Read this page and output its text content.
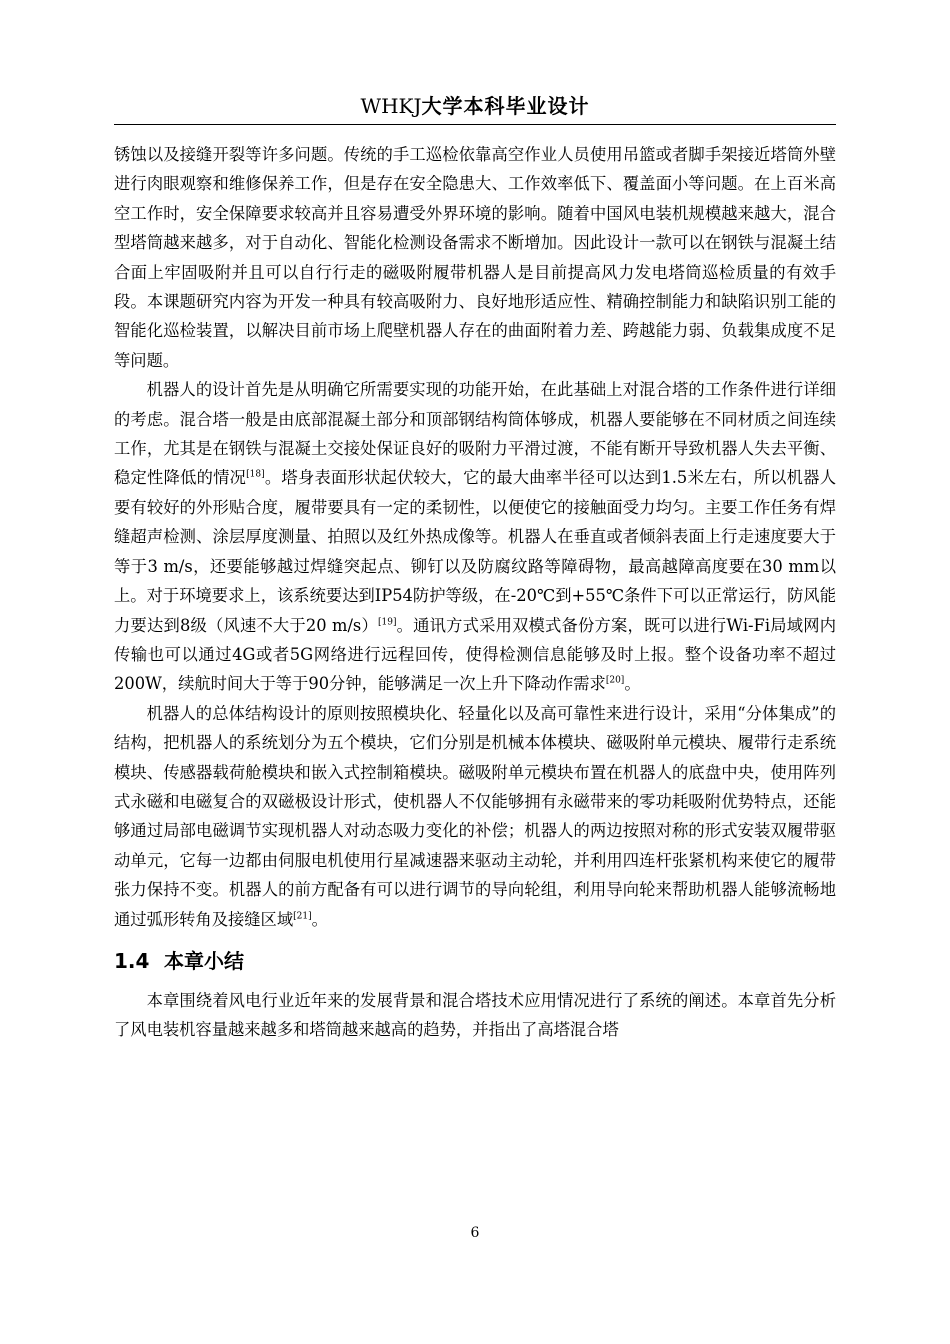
WHKJ大学本科毕业设计

锈蚀以及接缝开裂等许多问题。传统的手工巡检依靠高空作业人员使用吊篮或者脚手架接近塔筒外壁进行肉眼观察和维修保养工作，但是存在安全隐患大、工作效率低下、覆盖面小等问题。在上百米高空工作时，安全保障要求较高并且容易遭受外界环境的影响。随着中国风电装机规模越来越大，混合型塔筒越来越多，对于自动化、智能化检测设备需求不断增加。因此设计一款可以在钢铁与混凝土结合面上牢固吸附并且可以自行行走的磁吸附履带机器人是目前提高风力发电塔筒巡检质量的有效手段。本课题研究内容为开发一种具有较高吸附力、良好地形适应性、精确控制能力和缺陷识别工能的智能化巡检装置，以解决目前市场上爬壁机器人存在的曲面附着力差、跨越能力弱、负载集成度不足等问题。

机器人的设计首先是从明确它所需要实现的功能开始，在此基础上对混合塔的工作条件进行详细的考虑。混合塔一般是由底部混凝土部分和顶部钢结构筒体够成，机器人要能够在不同材质之间连续工作，尤其是在钢铁与混凝土交接处保证良好的吸附力平滑过渡，不能有断开导致机器人失去平衡、稳定性降低的情况[18]。塔身表面形状起伏较大，它的最大曲率半径可以达到1.5米左右，所以机器人要有较好的外形贴合度，履带要具有一定的柔韧性，以便使它的接触面受力均匀。主要工作任务有焊缝超声检测、涂层厚度测量、拍照以及红外热成像等。机器人在垂直或者倾斜表面上行走速度要大于等于3 m/s，还要能够越过焊缝突起点、铆钉以及防腐纹路等障碍物，最高越障高度要在30 mm以上。对于环境要求上，该系统要达到IP54防护等级，在-20℃到+55℃条件下可以正常运行，防风能力要达到8级（风速不大于20 m/s）[19]。通讯方式采用双模式备份方案，既可以进行Wi-Fi局域网内传输也可以通过4G或者5G网络进行远程回传，使得检测信息能够及时上报。整个设备功率不超过200W，续航时间大于等于90分钟，能够满足一次上升下降动作需求[20]。

机器人的总体结构设计的原则按照模块化、轻量化以及高可靠性来进行设计，采用“分体集成”的结构，把机器人的系统划分为五个模块，它们分别是机械本体模块、磁吸附单元模块、履带行走系统模块、传感器载荷舱模块和嵌入式控制箱模块。磁吸附单元模块布置在机器人的底盘中央，使用阵列式永磁和电磁复合的双磁极设计形式，使机器人不仅能够拥有永磁带来的零功耗吸附优势特点，还能够通过局部电磁调节实现机器人对动态吸力变化的补偿；机器人的两边按照对称的形式安装双履带驱动单元，它每一边都由伺服电机使用行星减速器来驱动主动轮，并利用四连杆张紧机构来使它的履带张力保持不变。机器人的前方配备有可以进行调节的导向轮组，利用导向轮来帮助机器人能够流畅地通过弧形转角及接缝区域[21]。

1.4 本章小结

本章围绕着风电行业近年来的发展背景和混合塔技术应用情况进行了系统的阐述。本章首先分析了风电装机容量越来越多和塔筒越来越高的趋势，并指出了高塔混合塔

6
